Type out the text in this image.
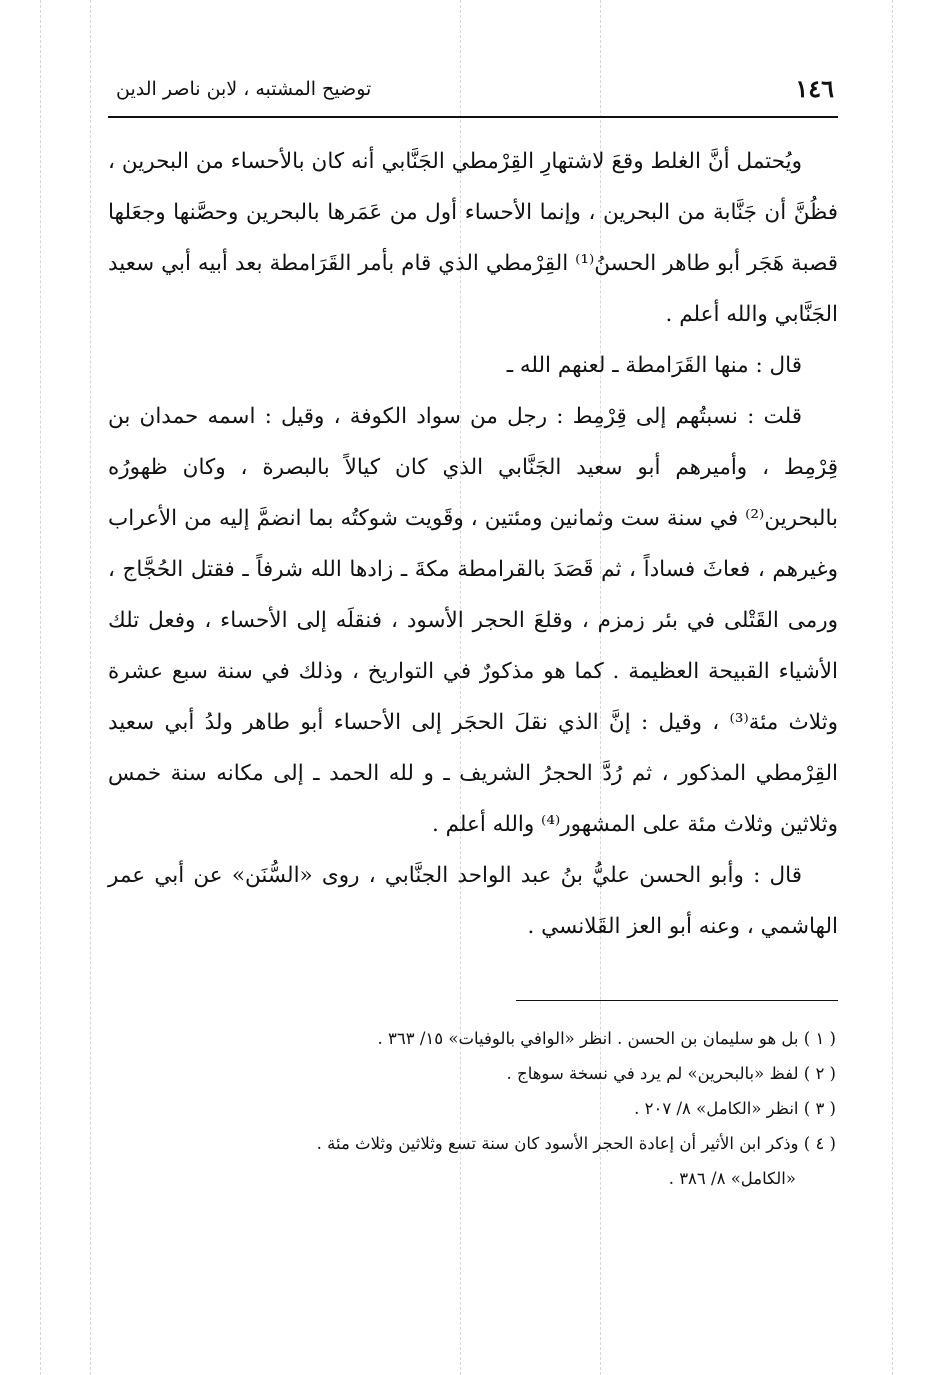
١٤٦
توضيح المشتبه ، لابن ناصر الدين

ويُحتمل أنَّ الغلط وقعَ لاشتهارِ القِرْمطي الجَنَّابي أنه كان بالأحساء من البحرين ، فظُنَّ أن جَنَّابة من البحرين ، وإنما الأحساء أول من عَمَرها بالبحرين وحصَّنها وجعَلها قصبة هَجَر أبو طاهر الحسنُ⁽¹⁾ القِرْمطي الذي قام بأمر القَرَامطة بعد أبيه أبي سعيد الجَنَّابي والله أعلم .

قال : منها القَرَامطة ـ لعنهم الله ـ

قلت : نسبتُهم إلى قِرْمِط : رجل من سواد الكوفة ، وقيل : اسمه حمدان بن قِرْمِط ، وأميرهم أبو سعيد الجَنَّابي الذي كان كيالاً بالبصرة ، وكان ظهورُه بالبحرين⁽²⁾ في سنة ست وثمانين ومئتين ، وقَويت شوكتُه بما انضمَّ إليه من الأعراب وغيرهم ، فعاثَ فساداً ، ثم قَصَدَ بالقرامطة مكةَ ـ زادها الله شرفاً ـ فقتل الحُجَّاج ، ورمى القَتْلى في بئر زمزم ، وقلعَ الحجر الأسود ، فنقلَه إلى الأحساء ، وفعل تلك الأشياء القبيحة العظيمة . كما هو مذكورٌ في التواريخ ، وذلك في سنة سبع عشرة وثلاث مئة⁽³⁾ ، وقيل : إنَّ الذي نقلَ الحجَر إلى الأحساء أبو طاهر ولدُ أبي سعيد القِرْمطي المذكور ، ثم رُدَّ الحجرُ الشريف ـ و لله الحمد ـ إلى مكانه سنة خمس وثلاثين وثلاث مئة على المشهور⁽⁴⁾ والله أعلم .

قال : وأبو الحسن عليُّ بنُ عبد الواحد الجنَّابي ، روى «السُّنَن» عن أبي عمر الهاشمي ، وعنه أبو العز القَلانسي .

( ١ ) بل هو سليمان بن الحسن . انظر «الوافي بالوفيات» ١٥/ ٣٦٣ .

( ٢ ) لفظ «بالبحرين» لم يرد في نسخة سوهاج .

( ٣ ) انظر «الكامل» ٨/ ٢٠٧ .

( ٤ ) وذكر ابن الأثير أن إعادة الحجر الأسود كان سنة تسع وثلاثين وثلاث مئة .

«الكامل» ٨/ ٣٨٦ .
